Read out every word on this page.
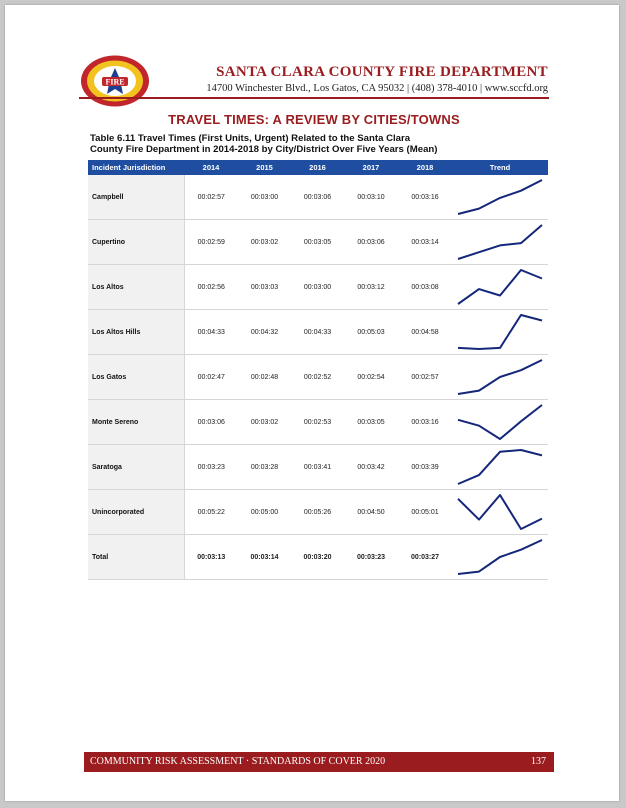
FIRE
SANTA CLARA COUNTY FIRE DEPARTMENT
14700 Winchester Blvd., Los Gatos, CA 95032 | (408) 378-4010 | www.sccfd.org
TRAVEL TIMES: A REVIEW BY CITIES/TOWNS
Table 6.11 Travel Times (First Units, Urgent) Related to the Santa Clara
County Fire Department in 2014-2018 by City/District Over Five Years (Mean)
Incident Jurisdiction	2014	2015	2016	2017	2018	Trend
Campbell	00:02:57	00:03:00	00:03:06	00:03:10	00:03:16	

Cupertino	00:02:59	00:03:02	00:03:05	00:03:06	00:03:14	

Los Altos	00:02:56	00:03:03	00:03:00	00:03:12	00:03:08	

Los Altos Hills	00:04:33	00:04:32	00:04:33	00:05:03	00:04:58	

Los Gatos	00:02:47	00:02:48	00:02:52	00:02:54	00:02:57	

Monte Sereno	00:03:06	00:03:02	00:02:53	00:03:05	00:03:16	

Saratoga	00:03:23	00:03:28	00:03:41	00:03:42	00:03:39	

Unincorporated	00:05:22	00:05:00	00:05:26	00:04:50	00:05:01	

Total	00:03:13	00:03:14	00:03:20	00:03:23	00:03:27	
COMMUNITY RISK ASSESSMENT · STANDARDS OF COVER 2020	137
